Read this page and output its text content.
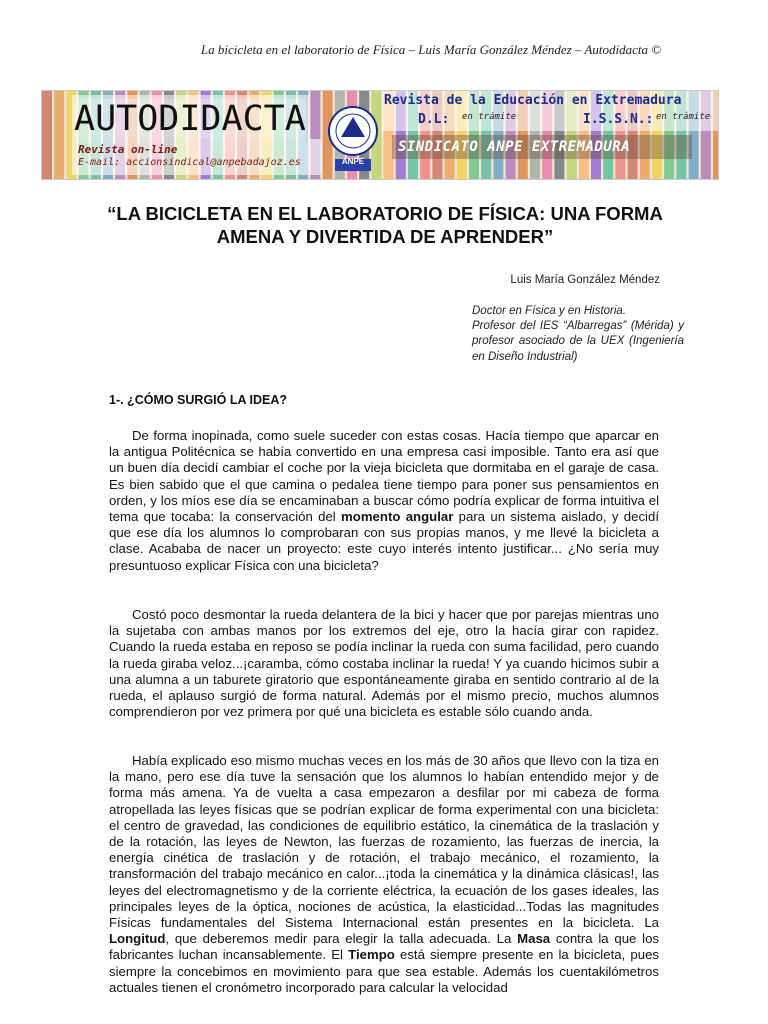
La bicicleta en el laboratorio de Física – Luis María González Méndez – Autodidacta ©
AUTODIDACTA
Revista on-line
E-mail: accionsindical@anpebadajoz.es	ANPE
Revista de la Educación en Extremadura
D.L: en trámite	I.S.S.N.: en trámite
SINDICATO ANPE EXTREMADURA
“LA BICICLETA EN EL LABORATORIO DE FÍSICA: UNA FORMA AMENA Y DIVERTIDA DE APRENDER”
Luis María González Méndez
Doctor en Física y en Historia.
Profesor del IES “Albarregas” (Mérida) y profesor asociado de la UEX (Ingeniería en Diseño Industrial)
1-. ¿CÓMO SURGIÓ LA IDEA?

De forma inopinada, como suele suceder con estas cosas. Hacía tiempo que aparcar en la antigua Politécnica se había convertido en una empresa casi imposible. Tanto era así que un buen día decidí cambiar el coche por la vieja bicicleta que dormitaba en el garaje de casa. Es bien sabido que el que camina o pedalea tiene tiempo para poner sus pensamientos en orden, y los míos ese día se encaminaban a buscar cómo podría explicar de forma intuitiva el tema que tocaba: la conservación del momento angular para un sistema aislado, y decidí que ese día los alumnos lo comprobaran con sus propias manos, y me llevé la bicicleta a clase. Acababa de nacer un proyecto: este cuyo interés intento justificar... ¿No sería muy presuntuoso explicar Física con una bicicleta?

Costó poco desmontar la rueda delantera de la bici y hacer que por parejas mientras uno la sujetaba con ambas manos por los extremos del eje, otro la hacía girar con rapidez. Cuando la rueda estaba en reposo se podía inclinar la rueda con suma facilidad, pero cuando la rueda giraba veloz...¡caramba, cómo costaba inclinar la rueda! Y ya cuando hicimos subir a una alumna a un taburete giratorio que espontáneamente giraba en sentido contrario al de la rueda, el aplauso surgió de forma natural. Además por el mismo precio, muchos alumnos comprendieron por vez primera por qué una bicicleta es estable sólo cuando anda.

Había explicado eso mismo muchas veces en los más de 30 años que llevo con la tiza en la mano, pero ese día tuve la sensación que los alumnos lo habían entendido mejor y de forma más amena. Ya de vuelta a casa empezaron a desfilar por mi cabeza de forma atropellada las leyes físicas que se podrían explicar de forma experimental con una bicicleta: el centro de gravedad, las condiciones de equilibrio estático, la cinemática de la traslación y de la rotación, las leyes de Newton, las fuerzas de rozamiento, las fuerzas de inercia, la energía cinética de traslación y de rotación, el trabajo mecánico, el rozamiento, la transformación del trabajo mecánico en calor...¡toda la cinemática y la dinámica clásicas!, las leyes del electromagnetismo y de la corriente eléctrica, la ecuación de los gases ideales, las principales leyes de la óptica, nociones de acústica, la elasticidad...Todas las magnitudes Físicas fundamentales del Sistema Internacional están presentes en la bicicleta. La Longitud, que deberemos medir para elegir la talla adecuada. La Masa contra la que los fabricantes luchan incansablemente. El Tiempo está siempre presente en la bicicleta, pues siempre la concebimos en movimiento para que sea estable. Además los cuentakilómetros actuales tienen el cronómetro incorporado para calcular la velocidad
